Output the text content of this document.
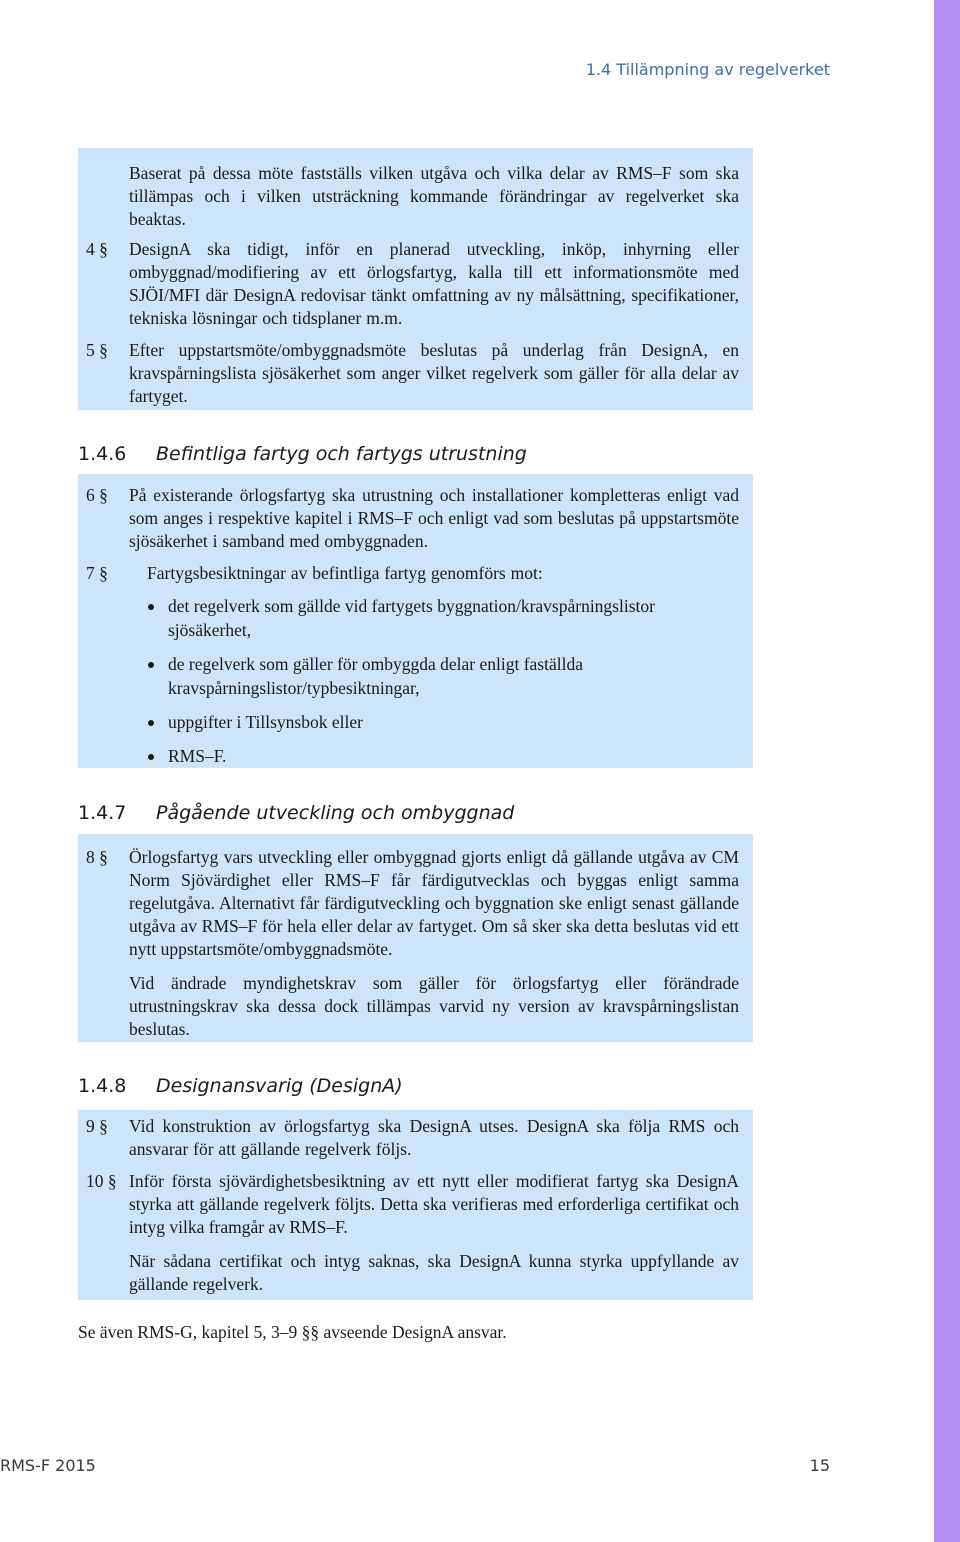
1.4 Tillämpning av regelverket
Baserat på dessa möte fastställs vilken utgåva och vilka delar av RMS–F som ska tillämpas och i vilken utsträckning kommande förändringar av regelverket ska beaktas.
4 § DesignA ska tidigt, inför en planerad utveckling, inköp, inhyrning eller ombyggnad/modifiering av ett örlogsfartyg, kalla till ett informationsmöte med SJÖI/MFI där DesignA redovisar tänkt omfattning av ny målsättning, specifikationer, tekniska lösningar och tidsplaner m.m.
5 § Efter uppstartsmöte/ombyggnadsmöte beslutas på underlag från DesignA, en kravspårningslista sjösäkerhet som anger vilket regelverk som gäller för alla delar av fartyget.
1.4.6 Befintliga fartyg och fartygs utrustning
6 § På existerande örlogsfartyg ska utrustning och installationer kompletteras enligt vad som anges i respektive kapitel i RMS–F och enligt vad som beslutas på uppstartsmöte sjösäkerhet i samband med ombyggnaden.
7 § Fartygsbesiktningar av befintliga fartyg genomförs mot:
det regelverk som gällde vid fartygets byggnation/kravspårningslistor sjösäkerhet,
de regelverk som gäller för ombyggda delar enligt faställda kravspårningslistor/typbesiktningar,
uppgifter i Tillsynsbok eller
RMS–F.
1.4.7 Pågående utveckling och ombyggnad
8 § Örlogsfartyg vars utveckling eller ombyggnad gjorts enligt då gällande utgåva av CM Norm Sjövärdighet eller RMS–F får färdigutvecklas och byggas enligt samma regelutgåva. Alternativt får färdigutveckling och byggnation ske enligt senast gällande utgåva av RMS–F för hela eller delar av fartyget. Om så sker ska detta beslutas vid ett nytt uppstartsmöte/ombyggnadsmöte.

Vid ändrade myndighetskrav som gäller för örlogsfartyg eller förändrade utrustningskrav ska dessa dock tillämpas varvid ny version av kravspårningslistan beslutas.

1.4.8 Designansvarig (DesignA)
9 § Vid konstruktion av örlogsfartyg ska DesignA utses. DesignA ska följa RMS och ansvarar för att gällande regelverk följs.
10 § Inför första sjövärdighetsbesiktning av ett nytt eller modifierat fartyg ska DesignA styrka att gällande regelverk följts. Detta ska verifieras med erforderliga certifikat och intyg vilka framgår av RMS–F.

När sådana certifikat och intyg saknas, ska DesignA kunna styrka uppfyllande av gällande regelverk.

Se även RMS-G, kapitel 5, 3–9 §§ avseende DesignA ansvar.
RMS-F 2015	15
